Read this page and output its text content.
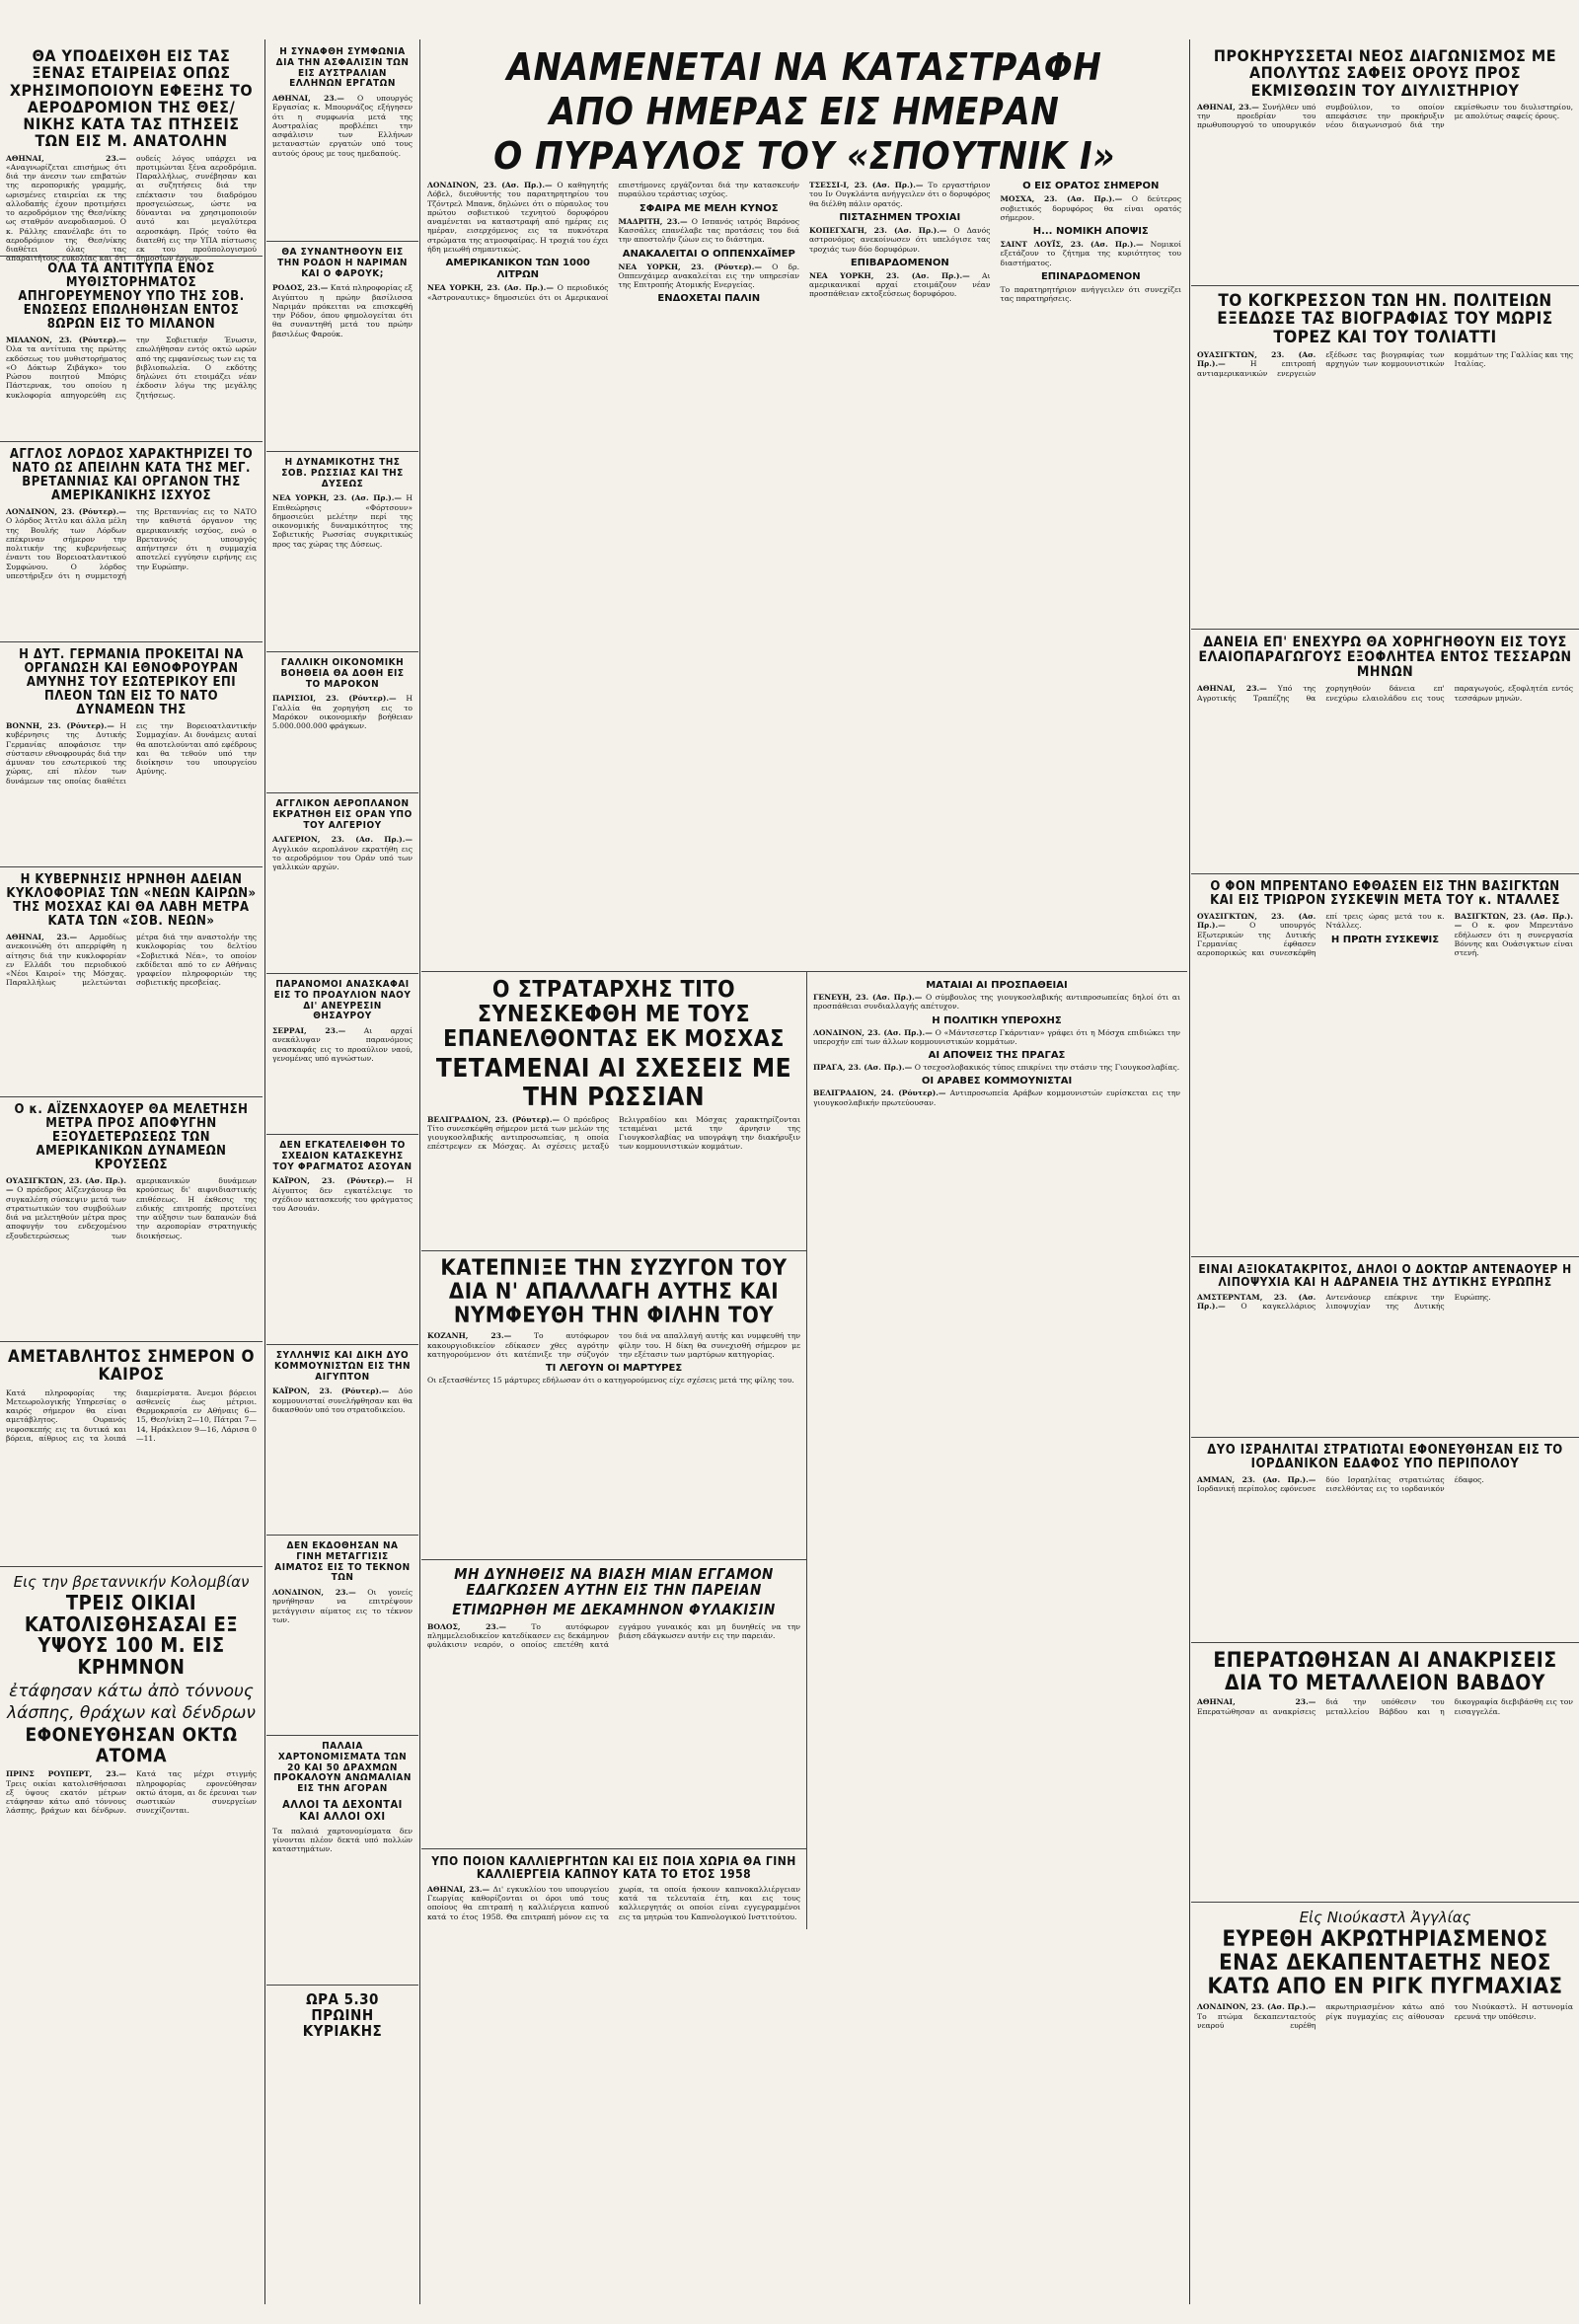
ΘΑ ΥΠΟΔΕΙΧΘΗ ΕΙΣ ΤΑΣ ΞΕΝΑΣ ΕΤΑΙΡΕΙΑΣ ΟΠΩΣ ΧΡΗΣΙΜΟΠΟΙΟΥΝ ΕΦΕΞΗΣ ΤΟ ΑΕΡΟΔΡΟΜΙΟΝ ΤΗΣ ΘΕΣ/ΝΙΚΗΣ ΚΑΤΑ ΤΑΣ ΠΤΗΣΕΙΣ ΤΩΝ ΕΙΣ Μ. ΑΝΑΤΟΛΗΝ
ΑΘΗΝΑΙ, 23.— «Αναγνωρίζεται επισήμως ότι διά την άνεσιν των επιβατών της αεροπορικής γραμμής, ωρισμένες εταιρείαι εκ της αλλοδαπής έχουν προτιμήσει το αεροδρόμιον της Θεσ/νίκης ως σταθμόν ανεφοδιασμού. Ο κ. Ράλλης επανέλαβε ότι το αεροδρόμιον της Θεσ/νίκης διαθέτει όλας τας απαραιτήτους ευκολίας και ότι ουδείς λόγος υπάρχει να προτιμώνται ξένα αεροδρόμια. Παραλλήλως, συνέβησαν και αι συζητήσεις διά την επέκτασιν του διαδρόμου προσγειώσεως, ώστε να δύνανται να χρησιμοποιούν αυτό και μεγαλύτερα αεροσκάφη. Πρός τούτο θα διατεθή εις την ΥΠΑ πίστωσις εκ του προϋπολογισμού δημοσίων έργων.
ΟΛΑ ΤΑ ΑΝΤΙΤΥΠΑ ΕΝΟΣ ΜΥΘΙΣΤΟΡΗΜΑΤΟΣ ΑΠΗΓΟΡΕΥΜΕΝΟΥ ΥΠΟ ΤΗΣ ΣΟΒ. ΕΝΩΣΕΩΣ ΕΠΩΛΗΘΗΣΑΝ ΕΝΤΟΣ 8ΩΡΩΝ ΕΙΣ ΤΟ ΜΙΛΑΝΟΝ
ΜΙΛΑΝΟΝ, 23. (Ρόυτερ).— Όλα τα αντίτυπα της πρώτης εκδόσεως του μυθιστορήματος «Ο Δόκτωρ Ζιβάγκο» του Ρώσου ποιητού Μπόρις Πάστερνακ, του οποίου η κυκλοφορία απηγορεύθη εις την Σοβιετικήν Ένωσιν, επωλήθησαν εντός οκτώ ωρών από της εμφανίσεως των εις τα βιβλιοπωλεία. Ο εκδότης δηλώνει ότι ετοιμάζει νέαν έκδοσιν λόγω της μεγάλης ζητήσεως.
ΑΓΓΛΟΣ ΛΟΡΔΟΣ ΧΑΡΑΚΤΗΡΙΖΕΙ ΤΟ ΝΑΤΟ ΩΣ ΑΠΕΙΛΗΝ ΚΑΤΑ ΤΗΣ ΜΕΓ. ΒΡΕΤΑΝΝΙΑΣ ΚΑΙ ΟΡΓΑΝΟΝ ΤΗΣ ΑΜΕΡΙΚΑΝΙΚΗΣ ΙΣΧΥΟΣ
ΛΟΝΔΙΝΟΝ, 23. (Ρόυτερ).— Ο λόρδος Άττλυ και άλλα μέλη της Βουλής των Λόρδων επέκριναν σήμερον την πολιτικήν της κυβερνήσεως έναντι του Βορειοατλαντικού Συμφώνου. Ο λόρδος υπεστήριξεν ότι η συμμετοχή της Βρεταννίας εις το ΝΑΤΟ την καθιστά όργανον της αμερικανικής ισχύος, ενώ ο Βρεταννός υπουργός απήντησεν ότι η συμμαχία αποτελεί εγγύησιν ειρήνης εις την Ευρώπην.
Η ΔΥΤ. ΓΕΡΜΑΝΙΑ ΠΡΟΚΕΙΤΑΙ ΝΑ ΟΡΓΑΝΩΣΗ ΚΑΙ ΕΘΝΟΦΡΟΥΡΑΝ ΑΜΥΝΗΣ ΤΟΥ ΕΣΩΤΕΡΙΚΟΥ ΕΠΙ ΠΛΕΟΝ ΤΩΝ ΕΙΣ ΤΟ ΝΑΤΟ ΔΥΝΑΜΕΩΝ ΤΗΣ
ΒΟΝΝΗ, 23. (Ρόυτερ).— Η κυβέρνησις της Δυτικής Γερμανίας αποφάσισε την σύστασιν εθνοφρουράς διά την άμυναν του εσωτερικού της χώρας, επί πλέον των δυνάμεων τας οποίας διαθέτει εις την Βορειοατλαντικήν Συμμαχίαν. Αι δυνάμεις αυταί θα αποτελούνται από εφέδρους και θα τεθούν υπό την διοίκησιν του υπουργείου Αμύνης.
Η ΚΥΒΕΡΝΗΣΙΣ ΗΡΝΗΘΗ ΑΔΕΙΑΝ ΚΥΚΛΟΦΟΡΙΑΣ ΤΩΝ «ΝΕΩΝ ΚΑΙΡΩΝ» ΤΗΣ ΜΟΣΧΑΣ ΚΑΙ ΘΑ ΛΑΒΗ ΜΕΤΡΑ ΚΑΤΑ ΤΩΝ «ΣΟΒ. ΝΕΩΝ»
ΑΘΗΝΑΙ, 23.— Αρμοδίως ανεκοινώθη ότι απερρίφθη η αίτησις διά την κυκλοφορίαν εν Ελλάδι του περιοδικού «Νέοι Καιροί» της Μόσχας. Παραλλήλως μελετώνται μέτρα διά την αναστολήν της κυκλοφορίας του δελτίου «Σοβιετικά Νέα», το οποίον εκδίδεται από το εν Αθήναις γραφείον πληροφοριών της σοβιετικής πρεσβείας.
Ο κ. ΑΪΖΕΝΧΑΟΥΕΡ ΘΑ ΜΕΛΕΤΗΣΗ ΜΕΤΡΑ ΠΡΟΣ ΑΠΟΦΥΓΗΝ ΕΞΟΥΔΕΤΕΡΩΣΕΩΣ ΤΩΝ ΑΜΕΡΙΚΑΝΙΚΩΝ ΔΥΝΑΜΕΩΝ ΚΡΟΥΣΕΩΣ
ΟΥΑΣΙΓΚΤΩΝ, 23. (Ασ. Πρ.).— Ο πρόεδρος Αϊζενχάουερ θα συγκαλέση σύσκεψιν μετά των στρατιωτικών του συμβούλων διά να μελετηθούν μέτρα προς αποφυγήν του ενδεχομένου εξουδετερώσεως των αμερικανικών δυνάμεων κρούσεως δι' αιφνιδιαστικής επιθέσεως. Η έκθεσις της ειδικής επιτροπής προτείνει την αύξησιν των δαπανών διά την αεροπορίαν στρατηγικής διοικήσεως.
ΑΜΕΤΑΒΛΗΤΟΣ ΣΗΜΕΡΟΝ Ο ΚΑΙΡΟΣ
Κατά πληροφορίας της Μετεωρολογικής Υπηρεσίας ο καιρός σήμερον θα είναι αμετάβλητος. Ουρανός νεφοσκεπής εις τα δυτικά και βόρεια, αίθριος εις τα λοιπά διαμερίσματα. Άνεμοι βόρειοι ασθενείς έως μέτριοι. Θερμοκρασία εν Αθήναις 6—15, Θεσ/νίκη 2—10, Πάτραι 7—14, Ηράκλειον 9—16, Λάρισα 0—11.
Εις την βρεταννικήν Κολομβίαν
ΤΡΕΙΣ ΟΙΚΙΑΙ ΚΑΤΟΛΙΣΘΗΣΑΣΑΙ ΕΞ ΥΨΟΥΣ 100 Μ. ΕΙΣ ΚΡΗΜΝΟΝ
ἐτάφησαν κάτω ἀπὸ τόννους
λάσπης, θράχων καὶ δένδρων
ΕΦΟΝΕΥΘΗΣΑΝ ΟΚΤΩ ΑΤΟΜΑ
ΠΡΙΝΣ ΡΟΥΠΕΡΤ, 23.— Τρεις οικίαι κατολισθήσασαι εξ ύψους εκατόν μέτρων ετάφησαν κάτω από τόννους λάσπης, βράχων και δένδρων. Κατά τας μέχρι στιγμής πληροφορίας εφονεύθησαν οκτώ άτομα, αι δε έρευναι των σωστικών συνεργείων συνεχίζονται.
Η ΣΥΝΑΦΘΗ ΣΥΜΦΩΝΙΑ ΔΙΑ ΤΗΝ ΑΣΦΑΛΙΣΙΝ ΤΩΝ ΕΙΣ ΑΥΣΤΡΑΛΙΑΝ ΕΛΛΗΝΩΝ ΕΡΓΑΤΩΝ
ΑΘΗΝΑΙ, 23.— Ο υπουργός Εργασίας κ. Μπουρνάζος εξήγησεν ότι η συμφωνία μετά της Αυστραλίας προβλέπει την ασφάλισιν των Ελλήνων μεταναστών εργατών υπό τους αυτούς όρους με τους ημεδαπούς.
ΘΑ ΣΥΝΑΝΤΗΘΟΥΝ ΕΙΣ ΤΗΝ ΡΟΔΟΝ Η ΝΑΡΙΜΑΝ ΚΑΙ Ο ΦΑΡΟΥΚ;
ΡΟΔΟΣ, 23.— Κατά πληροφορίας εξ Αιγύπτου η πρώην βασίλισσα Ναριμάν πρόκειται να επισκεφθή την Ρόδον, όπου φημολογείται ότι θα συναντηθή μετά του πρώην βασιλέως Φαρούκ.
Η ΔΥΝΑΜΙΚΟΤΗΣ ΤΗΣ ΣΟΒ. ΡΩΣΣΙΑΣ ΚΑΙ ΤΗΣ ΔΥΣΕΩΣ
ΝΕΑ ΥΟΡΚΗ, 23. (Ασ. Πρ.).— Η Επιθεώρησις «Φόρτσουν» δημοσιεύει μελέτην περί της οικονομικής δυναμικότητος της Σοβιετικής Ρωσσίας συγκριτικώς προς τας χώρας της Δύσεως.
ΓΑΛΛΙΚΗ ΟΙΚΟΝΟΜΙΚΗ ΒΟΗΘΕΙΑ ΘΑ ΔΟΘΗ ΕΙΣ ΤΟ ΜΑΡΟΚΟΝ
ΠΑΡΙΣΙΟΙ, 23. (Ρόυτερ).— Η Γαλλία θα χορηγήση εις το Μαρόκον οικονομικήν βοήθειαν 5.000.000.000 φράγκων.
ΑΓΓΛΙΚΟΝ ΑΕΡΟΠΛΑΝΟΝ ΕΚΡΑΤΗΘΗ ΕΙΣ ΟΡΑΝ ΥΠΟ ΤΟΥ ΑΛΓΕΡΙΟΥ
ΑΛΓΕΡΙΟΝ, 23. (Ασ. Πρ.).— Αγγλικόν αεροπλάνον εκρατήθη εις το αεροδρόμιον του Οράν υπό των γαλλικών αρχών.
ΠΑΡΑΝΟΜΟΙ ΑΝΑΣΚΑΦΑΙ ΕΙΣ ΤΟ ΠΡΟΑΥΛΙΟΝ ΝΑΟΥ ΔΙ' ΑΝΕΥΡΕΣΙΝ ΘΗΣΑΥΡΟΥ
ΣΕΡΡΑΙ, 23.— Αι αρχαί ανεκάλυψαν παρανόμους ανασκαφάς εις το προαύλιον ναού, γενομένας υπό αγνώστων.
ΔΕΝ ΕΓΚΑΤΕΛΕΙΦΘΗ ΤΟ ΣΧΕΔΙΟΝ ΚΑΤΑΣΚΕΥΗΣ ΤΟΥ ΦΡΑΓΜΑΤΟΣ ΑΣΟΥΑΝ
ΚΑΪΡΟΝ, 23. (Ρόυτερ).— Η Αίγυπτος δεν εγκατέλειψε το σχέδιον κατασκευής του φράγματος του Ασουάν.
ΣΥΛΛΗΨΙΣ ΚΑΙ ΔΙΚΗ ΔΥΟ ΚΟΜΜΟΥΝΙΣΤΩΝ ΕΙΣ ΤΗΝ ΑΙΓΥΠΤΟΝ
ΚΑΪΡΟΝ, 23. (Ρόυτερ).— Δύο κομμουνισταί συνελήφθησαν και θα δικασθούν υπό του στρατοδικείου.
ΔΕΝ ΕΚΔΟΘΗΣΑΝ ΝΑ ΓΙΝΗ ΜΕΤΑΓΓΙΣΙΣ ΑΙΜΑΤΟΣ ΕΙΣ ΤΟ ΤΕΚΝΟΝ ΤΩΝ
ΛΟΝΔΙΝΟΝ, 23.— Οι γονείς ηρνήθησαν να επιτρέψουν μετάγγισιν αίματος εις το τέκνον των.
ΠΑΛΑΙΑ ΧΑΡΤΟΝΟΜΙΣΜΑΤΑ ΤΩΝ 20 ΚΑΙ 50 ΔΡΑΧΜΩΝ ΠΡΟΚΑΛΟΥΝ ΑΝΩΜΑΛΙΑΝ ΕΙΣ ΤΗΝ ΑΓΟΡΑΝ
ΑΛΛΟΙ ΤΑ ΔΕΧΟΝΤΑΙ ΚΑΙ ΑΛΛΟΙ ΟΧΙ
Τα παλαιά χαρτονομίσματα δεν γίνονται πλέον δεκτά υπό πολλών καταστημάτων.
ΩΡΑ 5.30 ΠΡΩΙΝΗ ΚΥΡΙΑΚΗΣ
ΑΝΑΜΕΝΕΤΑΙ ΝΑ ΚΑΤΑΣΤΡΑΦΗ
ΑΠΟ ΗΜΕΡΑΣ ΕΙΣ ΗΜΕΡΑΝ
Ο ΠΥΡΑΥΛΟΣ ΤΟΥ «ΣΠΟΥΤΝΙΚ Ι»
ΛΟΝΔΙΝΟΝ, 23. (Ασ. Πρ.).— Ο καθηγητής Λόβελ, διευθυντής του παρατηρητηρίου του Τζόντρελ Μπανκ, δηλώνει ότι ο πύραυλος του πρώτου σοβιετικού τεχνητού δορυφόρου αναμένεται να καταστραφή από ημέρας εις ημέραν, εισερχόμενος εις τα πυκνότερα στρώματα της ατμοσφαίρας. Η τροχιά του έχει ήδη μειωθή σημαντικώς.
ΑΜΕΡΙΚΑΝΙΚΟΝ ΤΩΝ 1000 ΛΙΤΡΩΝ
ΝΕΑ ΥΟΡΚΗ, 23. (Ασ. Πρ.).— Ο περιοδικός «Άστροναυτικς» δημοσιεύει ότι οι Αμερικανοί επιστήμονες εργάζονται διά την κατασκευήν πυραύλου τεράστιας ισχύος.
ΣΦΑΙΡΑ ΜΕ ΜΕΛΗ ΚΥΝΟΣ
ΜΑΔΡΙΤΗ, 23.— Ο Ισπανός ιατρός Βαρόνος Κασσάλες επανέλαβε τας προτάσεις του διά την αποστολήν ζώων εις το διάστημα.
ΑΝΑΚΑΛΕΙΤΑΙ Ο ΟΠΠΕΝΧΑΪΜΕΡ
ΝΕΑ ΥΟΡΚΗ, 23. (Ρόυτερ).— Ο δρ. Οππενχάιμερ ανακαλείται εις την υπηρεσίαν της Επιτροπής Ατομικής Ενεργείας.
ΕΝΔΟΧΕΤΑΙ ΠΑΛΙΝ
ΤΣΕΣΣΙ-Ι, 23. (Ασ. Πρ.).— Το εργαστήριον του Ιν Ουγκλάντα ανήγγειλεν ότι ο δορυφόρος θα διέλθη πάλιν ορατός.
ΠΙΣΤΑΣΗΜΕΝ ΤΡΟΧΙΑΙ
ΚΟΠΕΓΧΑΓΗ, 23. (Ασ. Πρ.).— Ο Δανός αστρονόμος ανεκοίνωσεν ότι υπελόγισε τας τροχιάς των δύο δορυφόρων.
ΕΠΙΒΑΡΔΟΜΕΝΟΝ
ΝΕΑ ΥΟΡΚΗ, 23. (Ασ. Πρ.).— Αι αμερικανικαί αρχαί ετοιμάζουν νέαν προσπάθειαν εκτοξεύσεως δορυφόρου.
Ο ΕΙΣ ΟΡΑΤΟΣ ΣΗΜΕΡΟΝ
ΜΟΣΧΑ, 23. (Ασ. Πρ.).— Ο δεύτερος σοβιετικός δορυφόρος θα είναι ορατός σήμερον.
Η... ΝΟΜΙΚΗ ΑΠΟΨΙΣ
ΣΑΙΝΤ ΛΟΥΪΣ, 23. (Ασ. Πρ.).— Νομικοί εξετάζουν το ζήτημα της κυριότητος του διαστήματος.
ΕΠΙΝΑΡΔΟΜΕΝΟΝ
Το παρατηρητήριον ανήγγειλεν ότι συνεχίζει τας παρατηρήσεις.
Ο ΣΤΡΑΤΑΡΧΗΣ ΤΙΤΟ ΣΥΝΕΣΚΕΦΘΗ ΜΕ ΤΟΥΣ ΕΠΑΝΕΛΘΟΝΤΑΣ ΕΚ ΜΟΣΧΑΣ
ΤΕΤΑΜΕΝΑΙ ΑΙ ΣΧΕΣΕΙΣ ΜΕ ΤΗΝ ΡΩΣΣΙΑΝ
ΒΕΛΙΓΡΑΔΙΟΝ, 23. (Ρόυτερ).— Ο πρόεδρος Τίτο συνεσκέφθη σήμερον μετά των μελών της γιουγκοσλαβικής αντιπροσωπείας, η οποία επέστρεψεν εκ Μόσχας. Αι σχέσεις μεταξύ Βελιγραδίου και Μόσχας χαρακτηρίζονται τεταμέναι μετά την άρνησιν της Γιουγκοσλαβίας να υπογράψη την διακήρυξιν των κομμουνιστικών κομμάτων.
ΚΑΤΕΠΝΙΞΕ ΤΗΝ ΣΥΖΥΓΟΝ ΤΟΥ ΔΙΑ Ν' ΑΠΑΛΛΑΓΗ ΑΥΤΗΣ ΚΑΙ ΝΥΜΦΕΥΘΗ ΤΗΝ ΦΙΛΗΝ ΤΟΥ
ΚΟΖΑΝΗ, 23.—	Το αυτόφωρον κακουργιοδικείον εδίκασεν χθες αγρότην κατηγορούμενον ότι κατέπνιξε την σύζυγόν του διά να απαλλαγή αυτής και νυμφευθή την φίλην του. Η δίκη θα συνεχισθή σήμερον με την εξέτασιν των μαρτύρων κατηγορίας.
ΤΙ ΛΕΓΟΥΝ ΟΙ ΜΑΡΤΥΡΕΣ
Οι εξετασθέντες 15 μάρτυρες εδήλωσαν ότι ο κατηγορούμενος είχε σχέσεις μετά της φίλης του.
ΜΗ ΔΥΝΗΘΕΙΣ ΝΑ ΒΙΑΣΗ ΜΙΑΝ ΕΓΓΑΜΟΝ ΕΔΑΓΚΩΣΕΝ ΑΥΤΗΝ ΕΙΣ ΤΗΝ ΠΑΡΕΙΑΝ
ΕΤΙΜΩΡΗΘΗ ΜΕ ΔΕΚΑΜΗΝΟΝ ΦΥΛΑΚΙΣΙΝ
ΒΟΛΟΣ, 23.—	Το αυτόφωρον πλημμελειοδικείον κατεδίκασεν εις δεκάμηνον φυλάκισιν νεαρόν, ο οποίος επετέθη κατά εγγάμου γυναικός και μη δυνηθείς να την βιάση εδάγκωσεν αυτήν εις την παρειάν.
ΥΠΟ ΠΟΙΟΝ ΚΑΛΛΙΕΡΓΗΤΩΝ ΚΑΙ ΕΙΣ ΠΟΙΑ ΧΩΡΙΑ ΘΑ ΓΙΝΗ ΚΑΛΛΙΕΡΓΕΙΑ ΚΑΠΝΟΥ ΚΑΤΑ ΤΟ ΕΤΟΣ 1958
ΑΘΗΝΑΙ, 23.— Δι' εγκυκλίου του υπουργείου Γεωργίας καθορίζονται οι όροι υπό τους οποίους θα επιτραπή η καλλιέργεια καπνού κατά το έτος 1958. Θα επιτραπή μόνον εις τα χωρία, τα οποία ήσκουν καπνοκαλλιέργειαν κατά τα τελευταία έτη, και εις τους καλλιεργητάς οι οποίοι είναι εγγεγραμμένοι εις τα μητρώα του Καπνολογικού Ινστιτούτου.
ΜΑΤΑΙΑΙ ΑΙ ΠΡΟΣΠΑΘΕΙΑΙ
ΓΕΝΕΥΗ, 23. (Ασ. Πρ.).— Ο σύμβουλος της γιουγκοσλαβικής αντιπροσωπείας δηλοί ότι αι προσπάθειαι συνδιαλλαγής απέτυχον.
Η ΠΟΛΙΤΙΚΗ ΥΠΕΡΟΧΗΣ
ΛΟΝΔΙΝΟΝ, 23. (Ασ. Πρ.).— Ο «Μάντσεστερ Γκάρντιαν» γράφει ότι η Μόσχα επιδιώκει την υπεροχήν επί των άλλων κομμουνιστικών κομμάτων.
ΑΙ ΑΠΟΨΕΙΣ ΤΗΣ ΠΡΑΓΑΣ
ΠΡΑΓΑ, 23. (Ασ. Πρ.).— Ο τσεχοσλοβακικός τύπος επικρίνει την στάσιν της Γιουγκοσλαβίας.
ΟΙ ΑΡΑΒΕΣ ΚΟΜΜΟΥΝΙΣΤΑΙ
ΒΕΛΙΓΡΑΔΙΟΝ, 24. (Ρόυτερ).— Αντιπροσωπεία Αράβων κομμουνιστών ευρίσκεται εις την γιουγκοσλαβικήν πρωτεύουσαν.
ΠΡΟΚΗΡΥΣΣΕΤΑΙ ΝΕΟΣ ΔΙΑΓΩΝΙΣΜΟΣ ΜΕ ΑΠΟΛΥΤΩΣ ΣΑΦΕΙΣ ΟΡΟΥΣ ΠΡΟΣ ΕΚΜΙΣΘΩΣΙΝ ΤΟΥ ΔΙΥΛΙΣΤΗΡΙΟΥ
ΑΘΗΝΑΙ, 23.— Συνήλθεν υπό την προεδρίαν του πρωθυπουργού το υπουργικόν συμβούλιον, το οποίον απεφάσισε την προκήρυξιν νέου διαγωνισμού διά την εκμίσθωσιν του διυλιστηρίου, με απολύτως σαφείς όρους.
ΤΟ ΚΟΓΚΡΕΣΣΟΝ ΤΩΝ ΗΝ. ΠΟΛΙΤΕΙΩΝ ΕΞΕΔΩΣΕ ΤΑΣ ΒΙΟΓΡΑΦΙΑΣ ΤΟΥ ΜΩΡΙΣ ΤΟΡΕΖ ΚΑΙ ΤΟΥ ΤΟΛΙΑΤΤΙ
ΟΥΑΣΙΓΚΤΩΝ, 23. (Ασ. Πρ.).—	Η επιτροπή αντιαμερικανικών ενεργειών εξέδωσε τας βιογραφίας των αρχηγών των κομμουνιστικών κομμάτων της Γαλλίας και της Ιταλίας.
ΔΑΝΕΙΑ ΕΠ' ΕΝΕΧΥΡΩ ΘΑ ΧΟΡΗΓΗΘΟΥΝ ΕΙΣ ΤΟΥΣ ΕΛΑΙΟΠΑΡΑΓΩΓΟΥΣ ΕΞΟΦΛΗΤΕΑ ΕΝΤΟΣ ΤΕΣΣΑΡΩΝ ΜΗΝΩΝ
ΑΘΗΝΑΙ, 23.— Υπό της Αγροτικής Τραπέζης θα χορηγηθούν δάνεια επ' ενεχύρω ελαιολάδου εις τους παραγωγούς, εξοφλητέα εντός τεσσάρων μηνών.
Ο ΦΟΝ ΜΠΡΕΝΤΑΝΟ ΕΦΘΑΣΕΝ ΕΙΣ ΤΗΝ ΒΑΣΙΓΚΤΩΝ ΚΑΙ ΕΙΣ ΤΡΙΩΡΟΝ ΣΥΣΚΕΨΙΝ ΜΕΤΑ ΤΟΥ κ. ΝΤΑΛΛΕΣ
ΟΥΑΣΙΓΚΤΩΝ, 23. (Ασ. Πρ.).—	Ο υπουργός Εξωτερικών της Δυτικής Γερμανίας έφθασεν αεροπορικώς και συνεσκέφθη επί τρεις ώρας μετά του κ. Ντάλλες.
Η ΠΡΩΤΗ ΣΥΣΚΕΨΙΣ
ΒΑΣΙΓΚΤΩΝ, 23. (Ασ. Πρ.).— Ο κ. φον Μπρεντάνο εδήλωσεν ότι η συνεργασία Βόννης και Ουάσιγκτων είναι στενή.
ΕΙΝΑΙ ΑΞΙΟΚΑΤΑΚΡΙΤΟΣ, ΔΗΛΟΙ Ο ΔΟΚΤΩΡ ΑΝΤΕΝΑΟΥΕΡ Η ΛΙΠΟΨΥΧΙΑ ΚΑΙ Η ΑΔΡΑΝΕΙΑ ΤΗΣ ΔΥΤΙΚΗΣ ΕΥΡΩΠΗΣ
ΑΜΣΤΕΡΝΤΑΜ, 23. (Ασ. Πρ.).— Ο καγκελλάριος Αντενάουερ επέκρινε την λιποψυχίαν της Δυτικής Ευρώπης.
ΔΥΟ ΙΣΡΑΗΛΙΤΑΙ ΣΤΡΑΤΙΩΤΑΙ ΕΦΟΝΕΥΘΗΣΑΝ ΕΙΣ ΤΟ ΙΟΡΔΑΝΙΚΟΝ ΕΔΑΦΟΣ ΥΠΟ ΠΕΡΙΠΟΛΟΥ
ΑΜΜΑΝ, 23. (Ασ. Πρ.).— Ιορδανική περίπολος εφόνευσε δύο Ισραηλίτας στρατιώτας εισελθόντας εις το ιορδανικόν έδαφος.
ΕΠΕΡΑΤΩΘΗΣΑΝ ΑΙ ΑΝΑΚΡΙΣΕΙΣ ΔΙΑ ΤΟ ΜΕΤΑΛΛΕΙΟΝ ΒΑΒΔΟΥ
ΑΘΗΝΑΙ, 23.— Επερατώθησαν αι ανακρίσεις διά την υπόθεσιν του μεταλλείου Βάβδου και η δικογραφία διεβιβάσθη εις τον εισαγγελέα.
Εἰς Νιούκαστλ Ἀγγλίας
ΕΥΡΕΘΗ ΑΚΡΩΤΗΡΙΑΣΜΕΝΟΣ ΕΝΑΣ ΔΕΚΑΠΕΝΤΑΕΤΗΣ ΝΕΟΣ ΚΑΤΩ ΑΠΟ ΕΝ ΡΙΓΚ ΠΥΓΜΑΧΙΑΣ
ΛΟΝΔΙΝΟΝ, 23. (Ασ. Πρ.).— Το πτώμα δεκαπενταετούς νεαρού ευρέθη ακρωτηριασμένον κάτω από ρίγκ πυγμαχίας εις αίθουσαν του Νιούκαστλ. Η αστυνομία ερευνά την υπόθεσιν.
